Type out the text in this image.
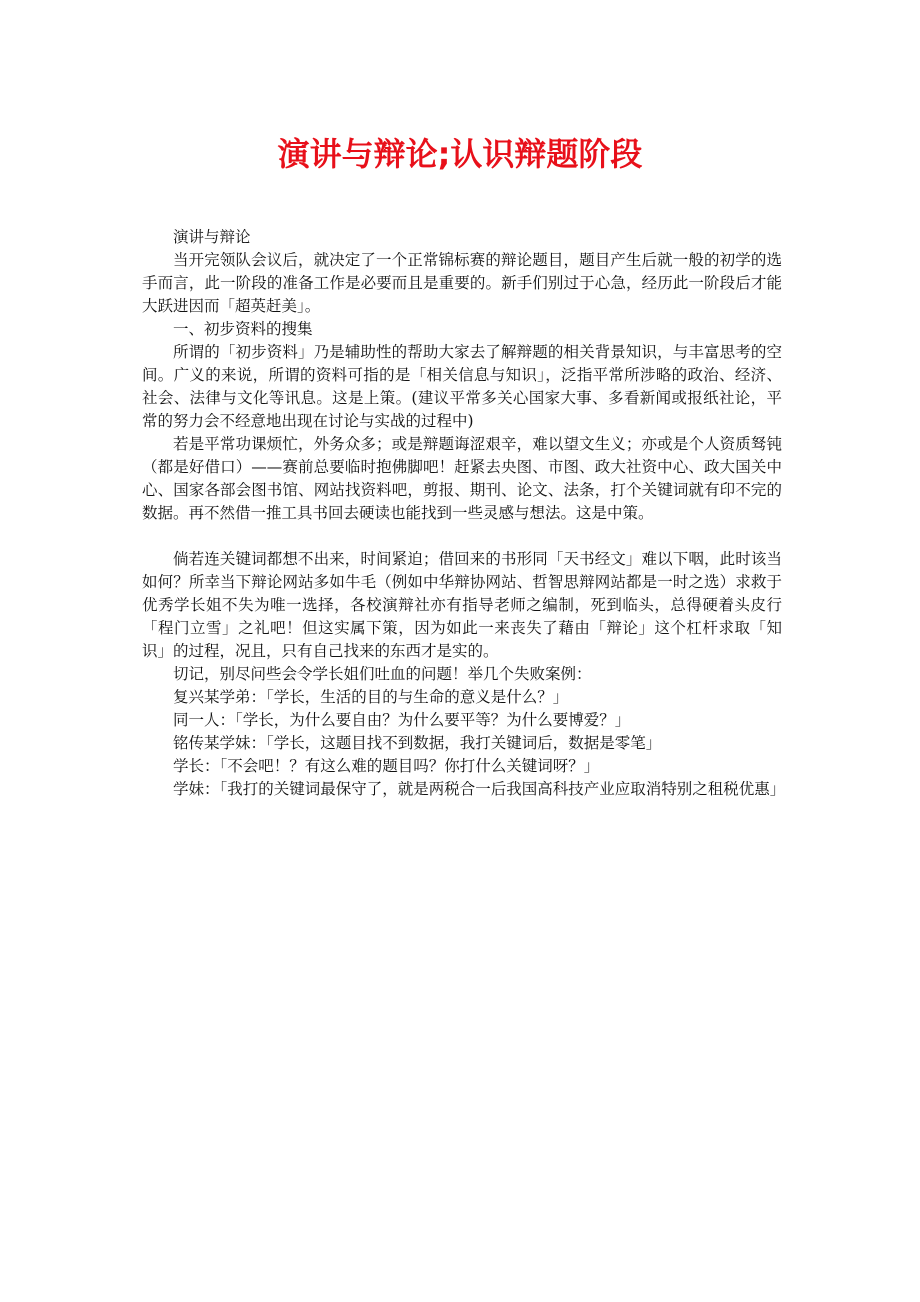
演讲与辩论;认识辩题阶段

演讲与辩论

当开完领队会议后，就决定了一个正常锦标赛的辩论题目，题目产生后就一般的初学的选手而言，此一阶段的准备工作是必要而且是重要的。新手们别过于心急，经历此一阶段后才能大跃进因而「超英赶美」。

一、初步资料的搜集

所谓的「初步资料」乃是辅助性的帮助大家去了解辩题的相关背景知识，与丰富思考的空间。广义的来说，所谓的资料可指的是「相关信息与知识」，泛指平常所涉略的政治、经济、社会、法律与文化等讯息。这是上策。(建议平常多关心国家大事、多看新闻或报纸社论，平常的努力会不经意地出现在讨论与实战的过程中)

若是平常功课烦忙，外务众多；或是辩题诲涩艰辛，难以望文生义；亦或是个人资质驽钝（都是好借口）——赛前总要临时抱佛脚吧！赶紧去央图、市图、政大社资中心、政大国关中心、国家各部会图书馆、网站找资料吧，剪报、期刊、论文、法条，打个关键词就有印不完的数据。再不然借一推工具书回去硬读也能找到一些灵感与想法。这是中策。

倘若连关键词都想不出来，时间紧迫；借回来的书形同「天书经文」难以下咽，此时该当如何？所幸当下辩论网站多如牛毛（例如中华辩协网站、哲智思辩网站都是一时之选）求救于优秀学长姐不失为唯一选择，各校演辩社亦有指导老师之编制，死到临头，总得硬着头皮行「程门立雪」之礼吧！但这实属下策，因为如此一来丧失了藉由「辩论」这个杠杆求取「知识」的过程，况且，只有自己找来的东西才是实的。

切记，别尽问些会令学长姐们吐血的问题！举几个失败案例：

复兴某学弟：「学长，生活的目的与生命的意义是什么？」

同一人：「学长，为什么要自由？为什么要平等？为什么要博爱？」

铭传某学妹：「学长，这题目找不到数据，我打关键词后，数据是零笔」

学长：「不会吧！？有这么难的题目吗？你打什么关键词呀？」

学妹：「我打的关键词最保守了，就是两税合一后我国高科技产业应取消特别之租税优惠」
